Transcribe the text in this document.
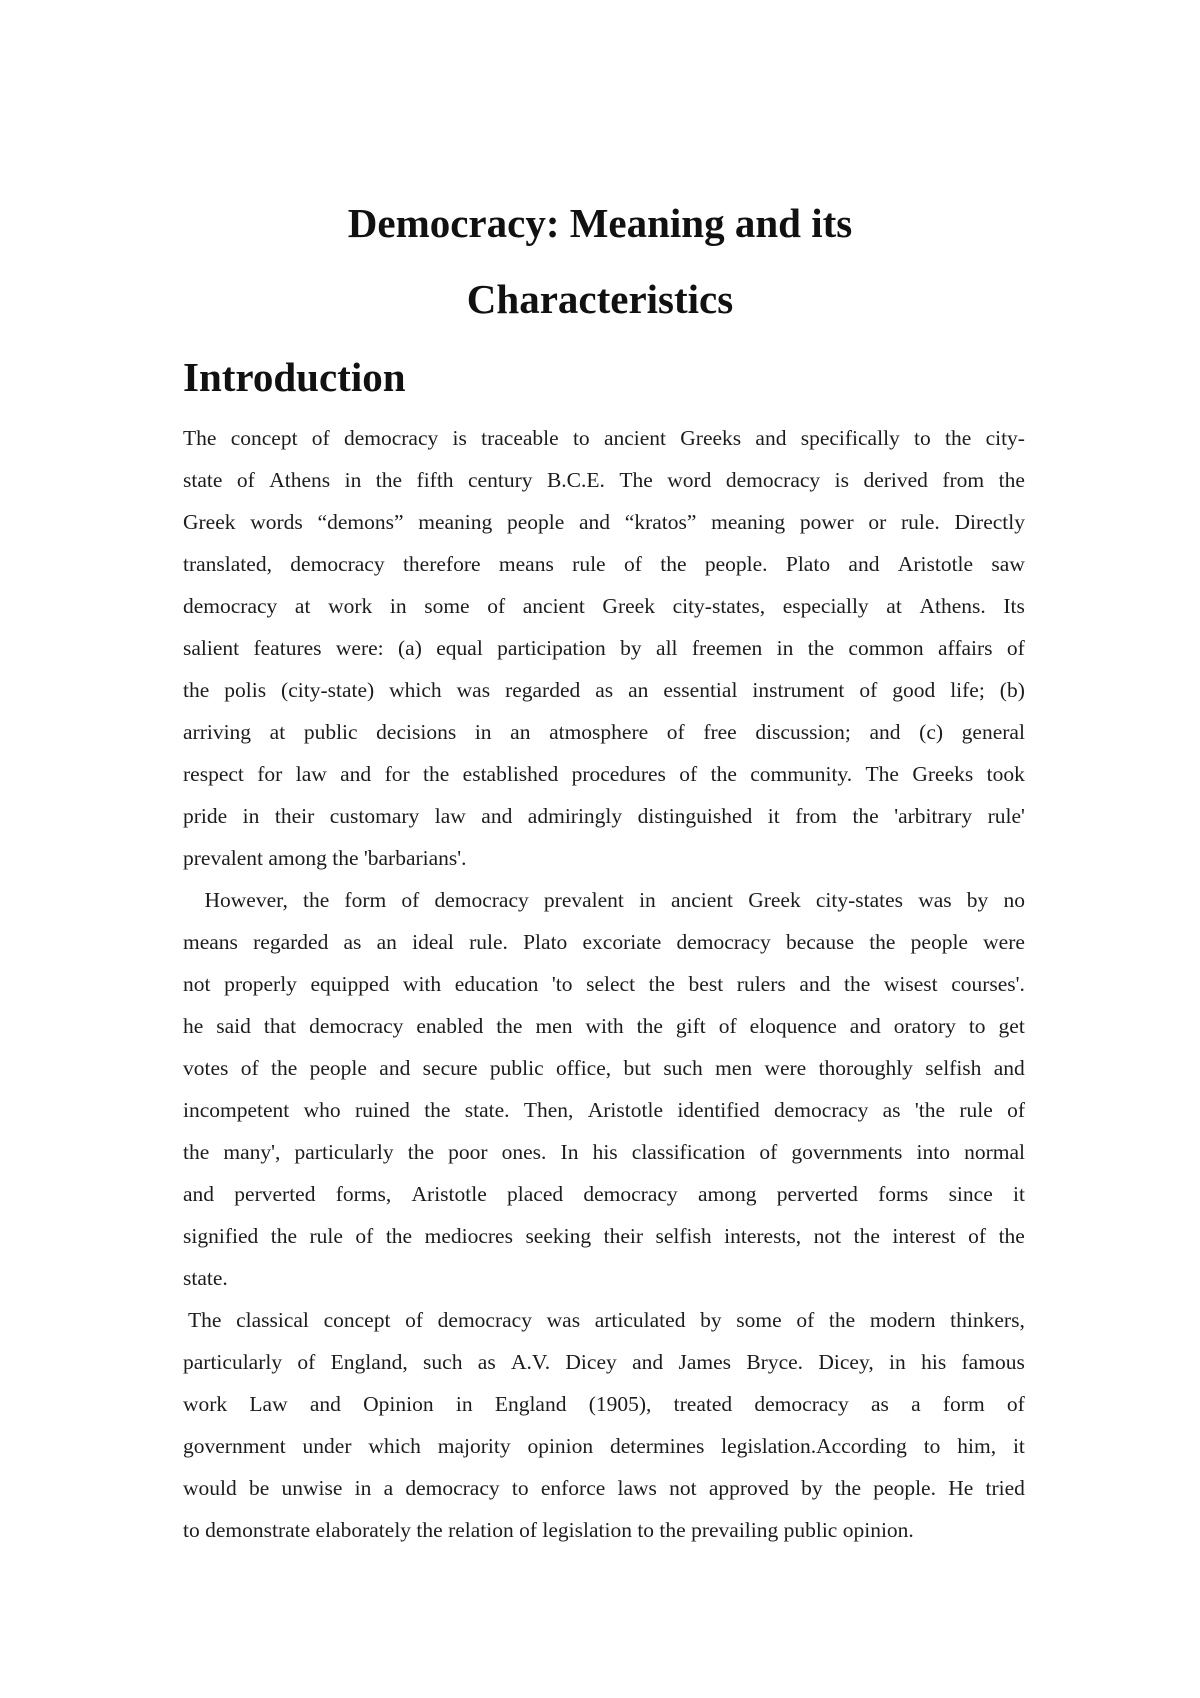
Democracy: Meaning and its
Characteristics
Introduction
The concept of democracy is traceable to ancient Greeks and specifically to the city-
state of Athens in the fifth century B.C.E. The word democracy is derived from the
Greek words “demons” meaning people and “kratos” meaning power or rule. Directly
translated, democracy therefore means rule of the people. Plato and Aristotle saw
democracy at work in some of ancient Greek city-states, especially at Athens. Its
salient features were: (a) equal participation by all freemen in the common affairs of
the polis (city-state) which was regarded as an essential instrument of good life; (b)
arriving at public decisions in an atmosphere of free discussion; and (c) general
respect for law and for the established procedures of the community. The Greeks took
pride in their customary law and admiringly distinguished it from the 'arbitrary rule'
prevalent among the 'barbarians'.
However, the form of democracy prevalent in ancient Greek city-states was by no
means regarded as an ideal rule. Plato excoriate democracy because the people were
not properly equipped with education 'to select the best rulers and the wisest courses'.
he said that democracy enabled the men with the gift of eloquence and oratory to get
votes of the people and secure public office, but such men were thoroughly selfish and
incompetent who ruined the state. Then, Aristotle identified democracy as 'the rule of
the many', particularly the poor ones. In his classification of governments into normal
and perverted forms, Aristotle placed democracy among perverted forms since it
signified the rule of the mediocres seeking their selfish interests, not the interest of the
state.
The classical concept of democracy was articulated by some of the modern thinkers,
particularly of England, such as A.V. Dicey and James Bryce. Dicey, in his famous
work Law and Opinion in England (1905), treated democracy as a form of
government under which majority opinion determines legislation.According to him, it
would be unwise in a democracy to enforce laws not approved by the people. He tried
to demonstrate elaborately the relation of legislation to the prevailing public opinion.
